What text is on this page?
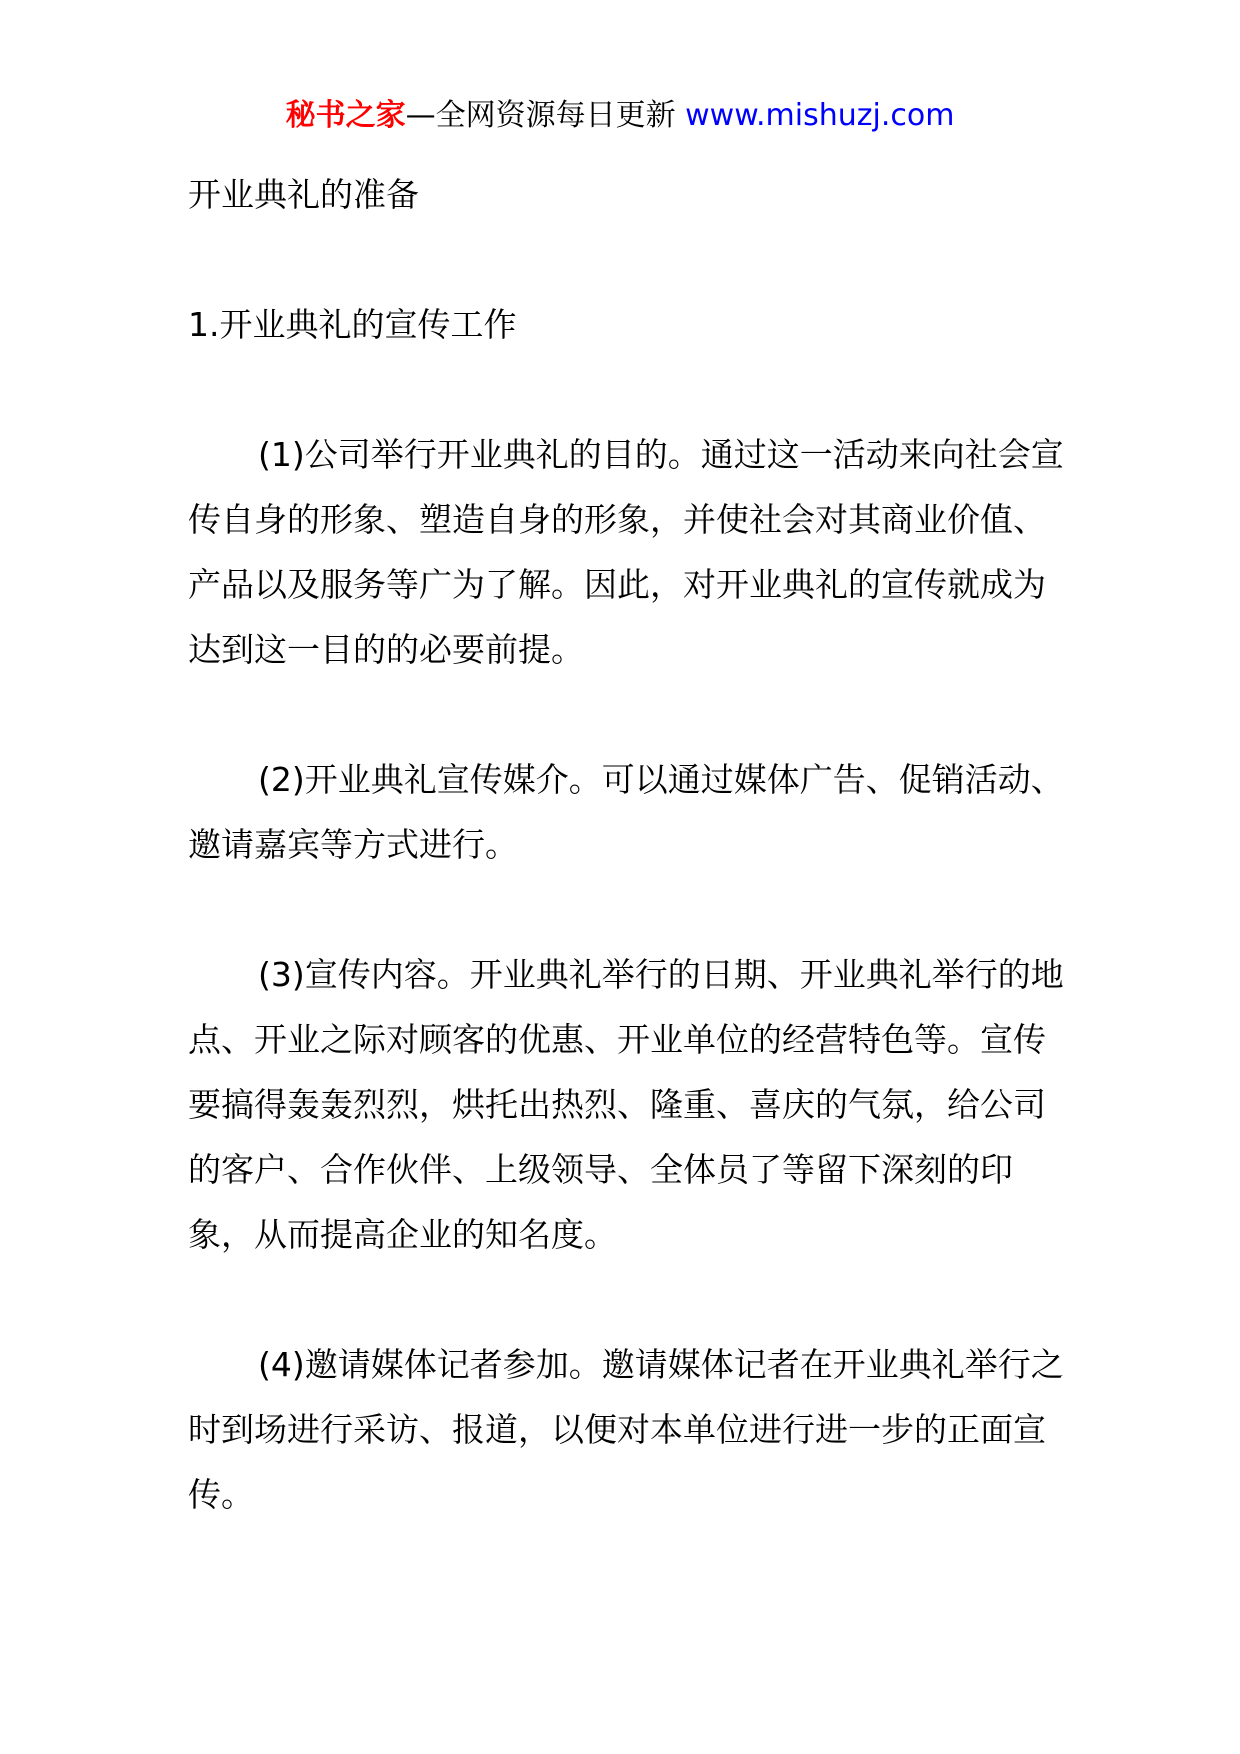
秘书之家—全网资源每日更新 www.mishuzj.com

开业典礼的准备

1.开业典礼的宣传工作

(1)公司举行开业典礼的目的。通过这一活动来向社会宣传自身的形象、塑造自身的形象，并使社会对其商业价值、产品以及服务等广为了解。因此，对开业典礼的宣传就成为达到这一目的的必要前提。

(2)开业典礼宣传媒介。可以通过媒体广告、促销活动、邀请嘉宾等方式进行。

(3)宣传内容。开业典礼举行的日期、开业典礼举行的地点、开业之际对顾客的优惠、开业单位的经营特色等。宣传要搞得轰轰烈烈，烘托出热烈、隆重、喜庆的气氛，给公司的客户、合作伙伴、上级领导、全体员了等留下深刻的印象，从而提高企业的知名度。

(4)邀请媒体记者参加。邀请媒体记者在开业典礼举行之时到场进行采访、报道，以便对本单位进行进一步的正面宣传。
